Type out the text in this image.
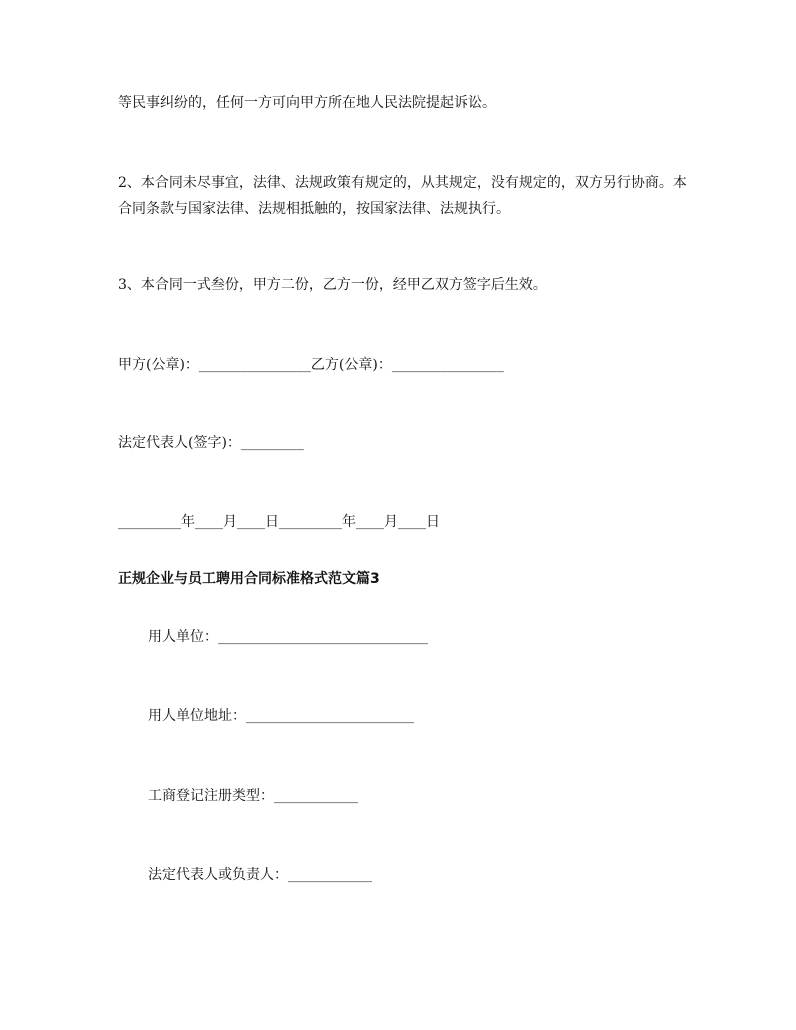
等民事纠纷的，任何一方可向甲方所在地人民法院提起诉讼。

2、本合同未尽事宜，法律、法规政策有规定的，从其规定，没有规定的，双方另行协商。本合同条款与国家法律、法规相抵触的，按国家法律、法规执行。

3、本合同一式叁份，甲方二份，乙方一份，经甲乙双方签字后生效。

甲方(公章)：________________乙方(公章)：________________

法定代表人(签字)：_________

_________年____月____日_________年____月____日

正规企业与员工聘用合同标准格式范文篇3

用人单位：______________________________

用人单位地址：________________________

工商登记注册类型：____________

法定代表人或负责人：____________
